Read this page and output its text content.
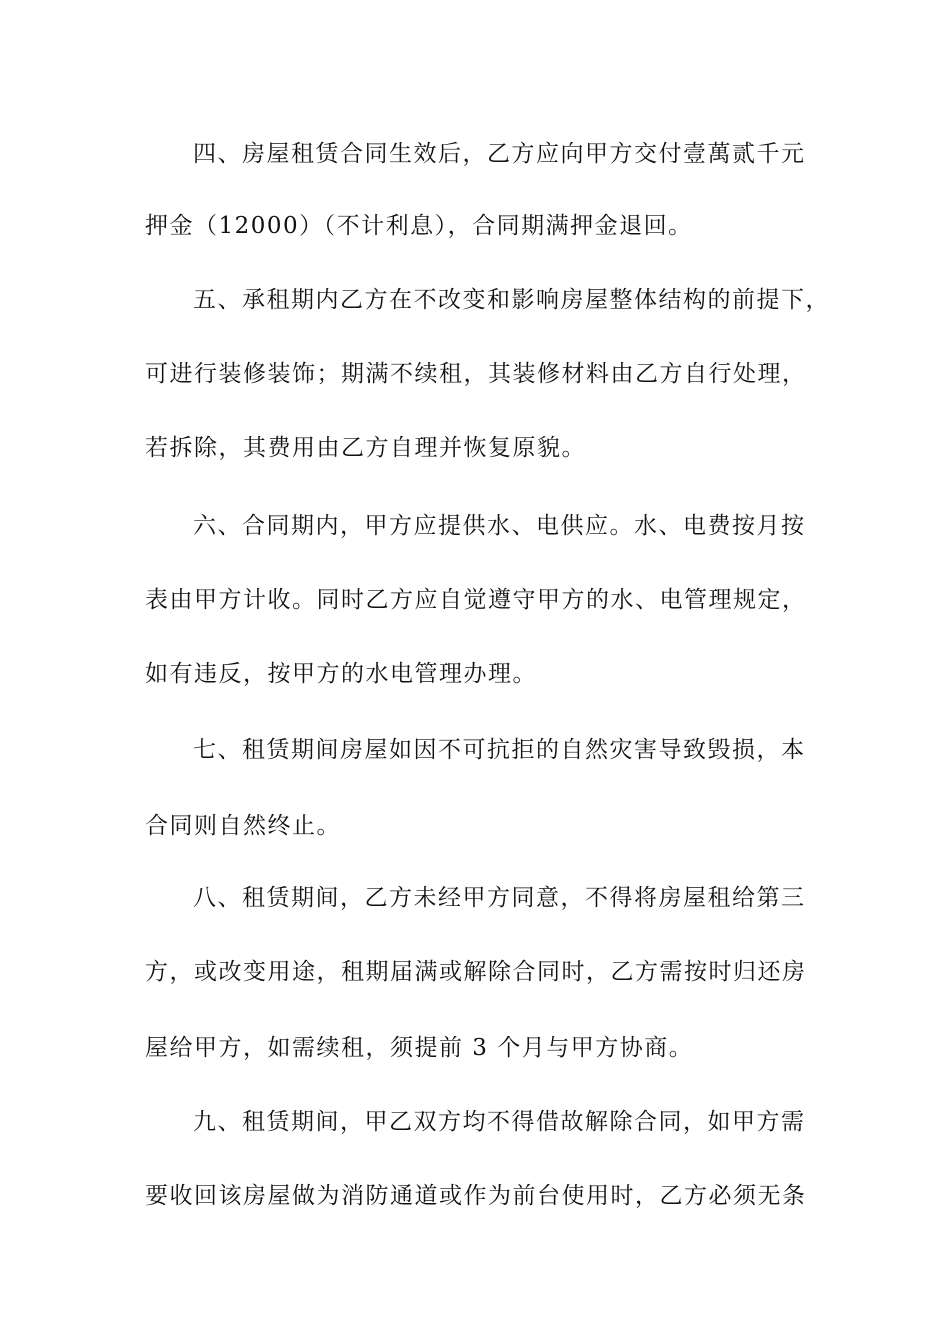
四、房屋租赁合同生效后，乙方应向甲方交付壹萬贰千元
押金（12000）（不计利息），合同期满押金退回。
五、承租期内乙方在不改变和影响房屋整体结构的前提下，
可进行装修装饰；期满不续租，其装修材料由乙方自行处理，
若拆除，其费用由乙方自理并恢复原貌。
六、合同期内，甲方应提供水、电供应。水、电费按月按
表由甲方计收。同时乙方应自觉遵守甲方的水、电管理规定，
如有违反，按甲方的水电管理办理。
七、租赁期间房屋如因不可抗拒的自然灾害导致毁损，本
合同则自然终止。
八、租赁期间，乙方未经甲方同意，不得将房屋租给第三
方，或改变用途，租期届满或解除合同时，乙方需按时归还房
屋给甲方，如需续租，须提前 3 个月与甲方协商。
九、租赁期间，甲乙双方均不得借故解除合同，如甲方需
要收回该房屋做为消防通道或作为前台使用时，乙方必须无条
